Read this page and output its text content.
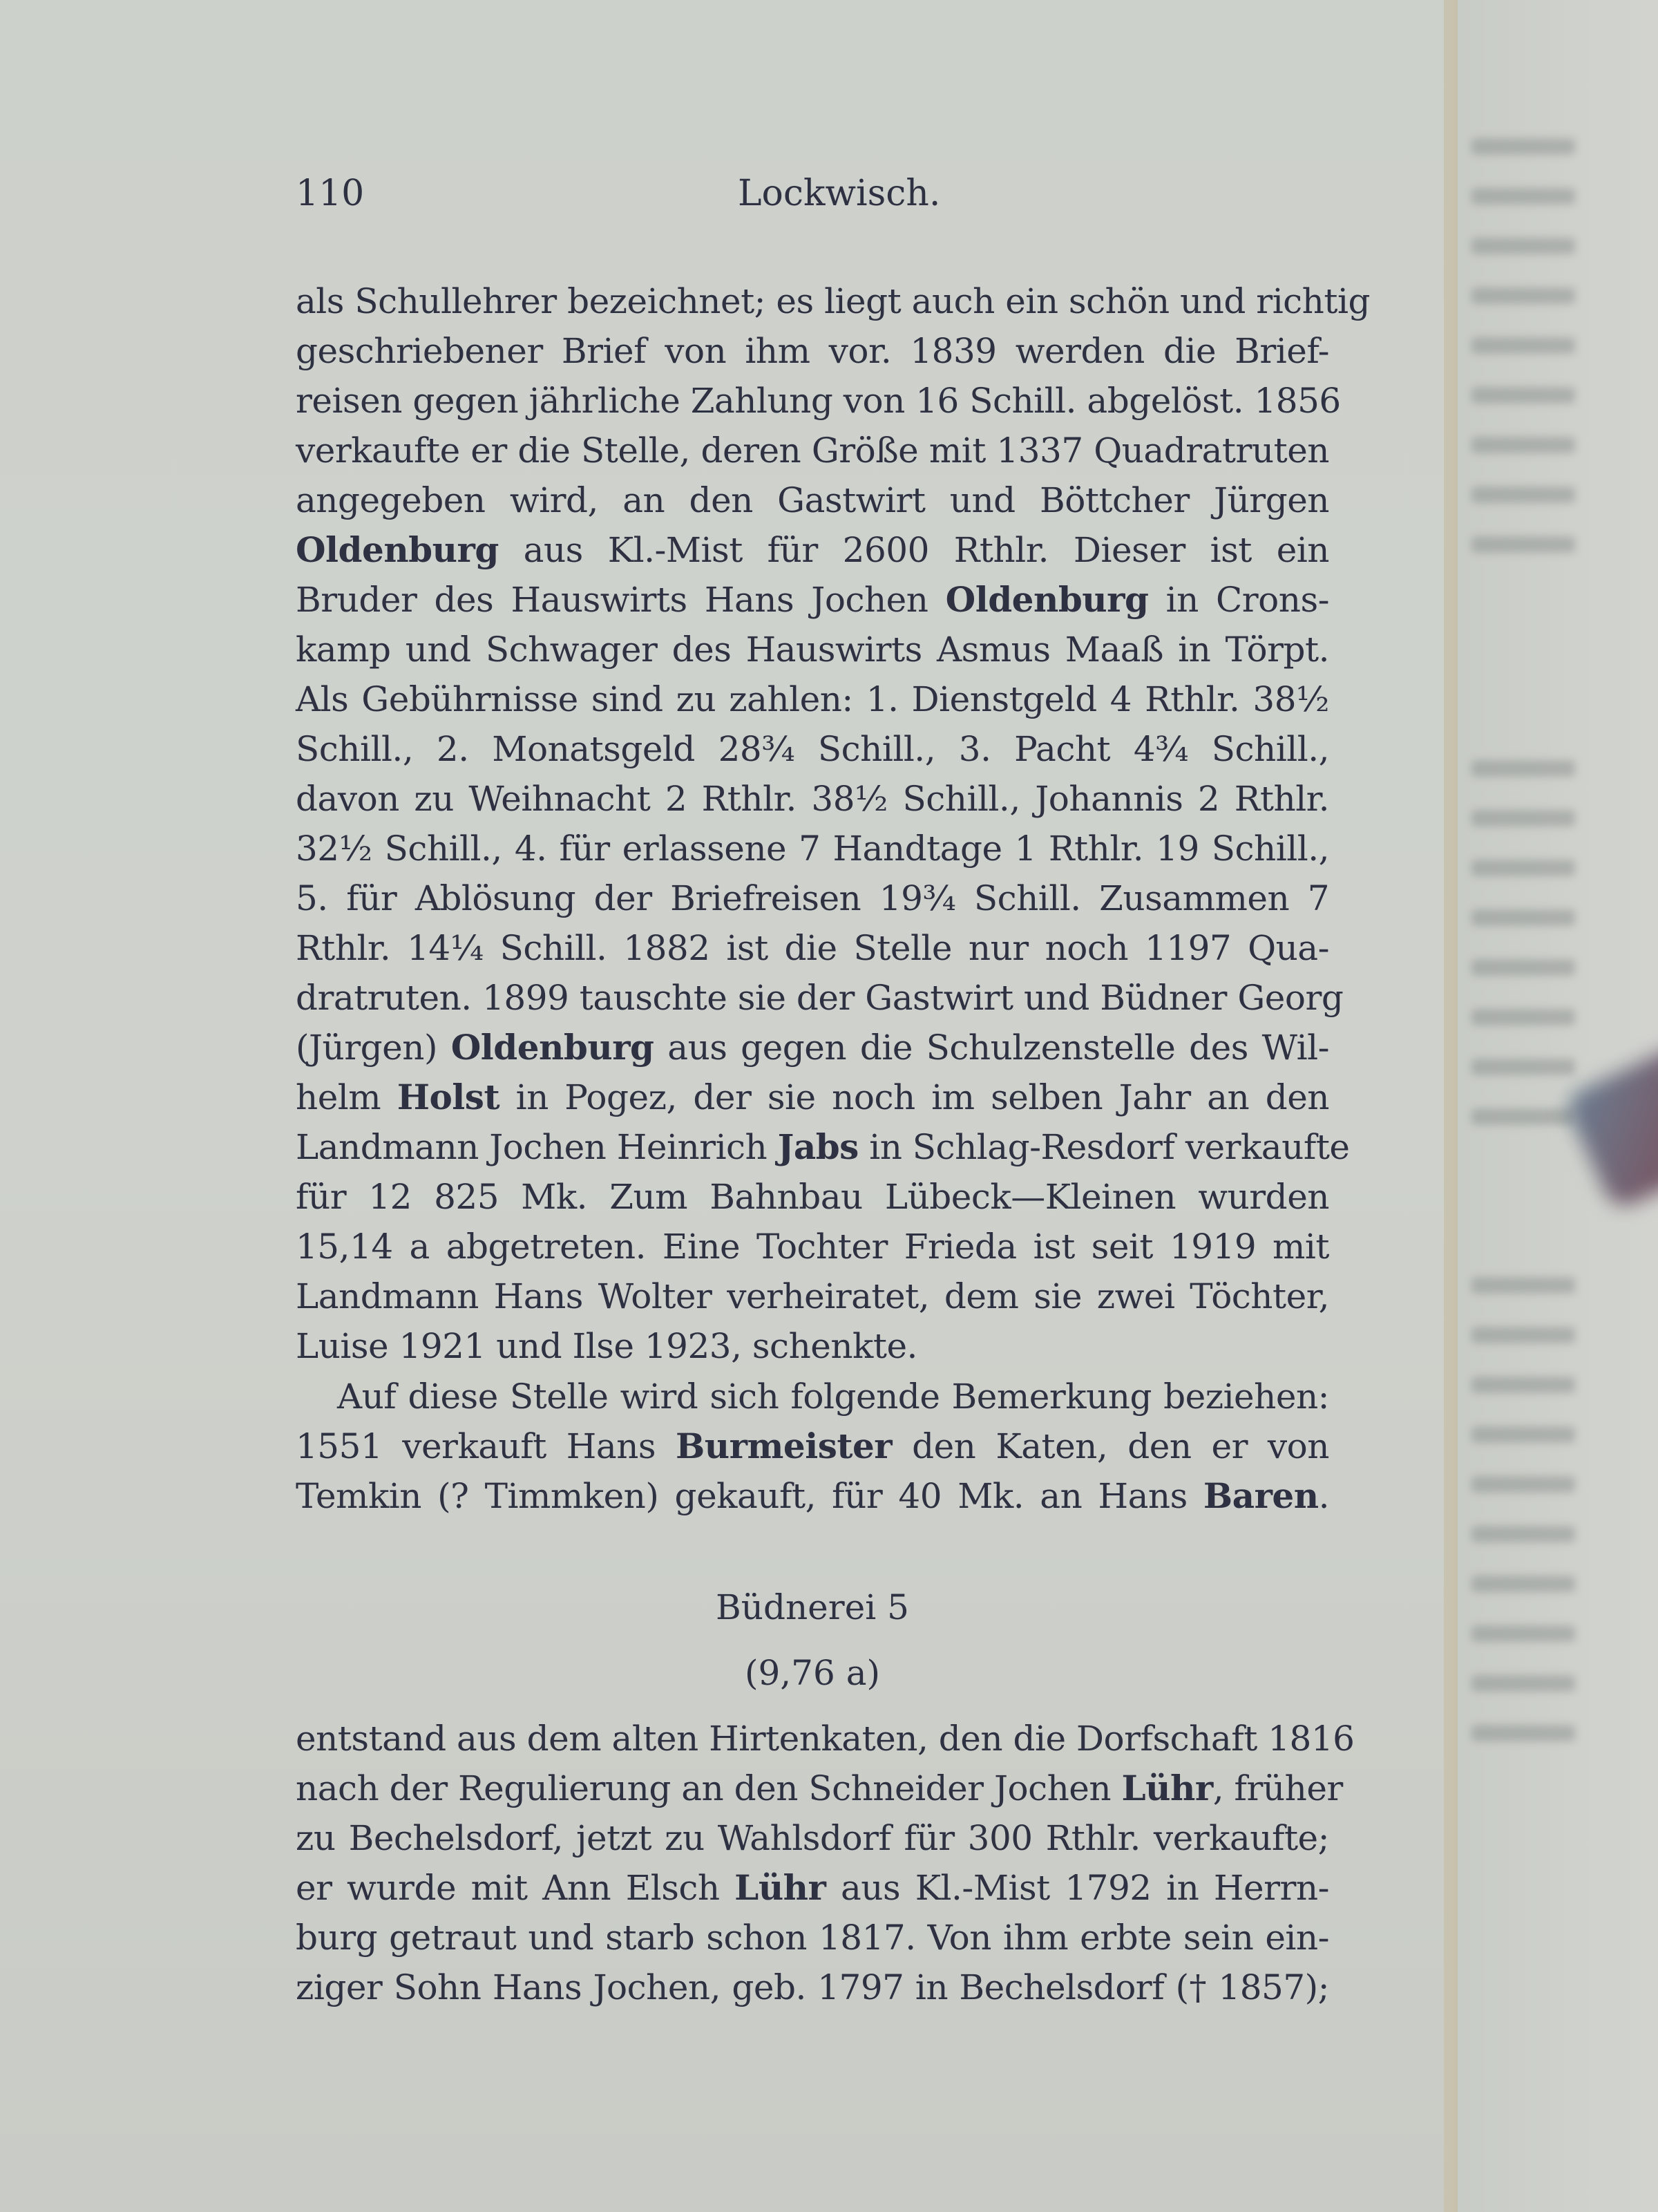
110	Lockwisch.
als Schullehrer bezeichnet; es liegt auch ein schön und richtig
geschriebener Brief von ihm vor. 1839 werden die Brief-
reisen gegen jährliche Zahlung von 16 Schill. abgelöst. 1856
verkaufte er die Stelle, deren Größe mit 1337 Quadratruten
angegeben wird, an den Gastwirt und Böttcher Jürgen
Oldenburg aus Kl.-Mist für 2600 Rthlr. Dieser ist ein
Bruder des Hauswirts Hans Jochen Oldenburg in Crons-
kamp und Schwager des Hauswirts Asmus Maaß in Törpt.
Als Gebührnisse sind zu zahlen: 1. Dienstgeld 4 Rthlr. 38½
Schill., 2. Monatsgeld 28¾ Schill., 3. Pacht 4¾ Schill.,
davon zu Weihnacht 2 Rthlr. 38½ Schill., Johannis 2 Rthlr.
32½ Schill., 4. für erlassene 7 Handtage 1 Rthlr. 19 Schill.,
5. für Ablösung der Briefreisen 19¾ Schill. Zusammen 7
Rthlr. 14¼ Schill. 1882 ist die Stelle nur noch 1197 Qua-
dratruten. 1899 tauschte sie der Gastwirt und Büdner Georg
(Jürgen) Oldenburg aus gegen die Schulzenstelle des Wil-
helm Holst in Pogez, der sie noch im selben Jahr an den
Landmann Jochen Heinrich Jabs in Schlag-Resdorf verkaufte
für 12 825 Mk. Zum Bahnbau Lübeck—Kleinen wurden
15,14 a abgetreten. Eine Tochter Frieda ist seit 1919 mit
Landmann Hans Wolter verheiratet, dem sie zwei Töchter,
Luise 1921 und Ilse 1923, schenkte.
Auf diese Stelle wird sich folgende Bemerkung beziehen:
1551 verkauft Hans Burmeister den Katen, den er von
Temkin (? Timmken) gekauft, für 40 Mk. an Hans Baren.
Büdnerei 5
(9,76 a)
entstand aus dem alten Hirtenkaten, den die Dorfschaft 1816
nach der Regulierung an den Schneider Jochen Lühr, früher
zu Bechelsdorf, jetzt zu Wahlsdorf für 300 Rthlr. verkaufte;
er wurde mit Ann Elsch Lühr aus Kl.-Mist 1792 in Herrn-
burg getraut und starb schon 1817. Von ihm erbte sein ein-
ziger Sohn Hans Jochen, geb. 1797 in Bechelsdorf († 1857);
